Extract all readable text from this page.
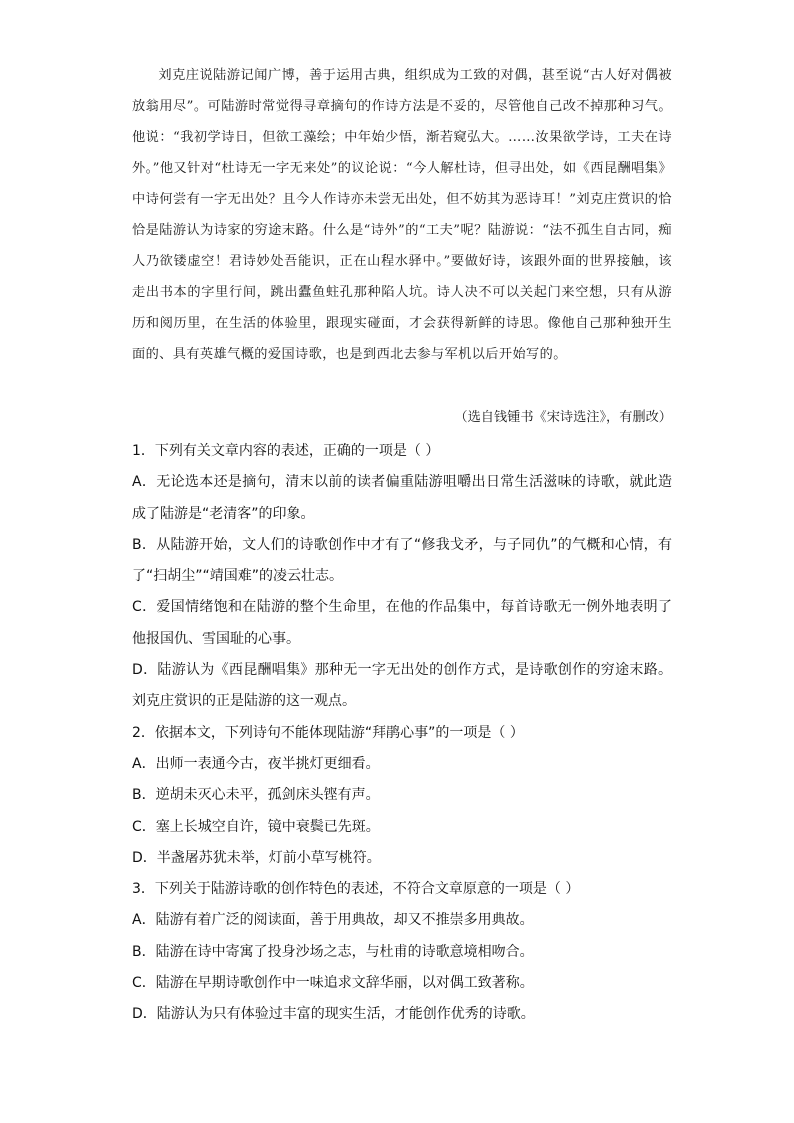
刘克庄说陆游记闻广博，善于运用古典，组织成为工致的对偶，甚至说“古人好对偶被放翁用尽”。可陆游时常觉得寻章摘句的作诗方法是不妥的，尽管他自己改不掉那种习气。他说：“我初学诗日，但欲工藻绘；中年始少悟，渐若窥弘大。……汝果欲学诗，工夫在诗外。”他又针对“杜诗无一字无来处”的议论说：“今人解杜诗，但寻出处，如《西昆酬唱集》中诗何尝有一字无出处？且今人作诗亦未尝无出处，但不妨其为恶诗耳！”刘克庄赏识的恰恰是陆游认为诗家的穷途末路。什么是“诗外”的“工夫”呢？陆游说：“法不孤生自古同，痴人乃欲镂虚空！君诗妙处吾能识，正在山程水驿中。”要做好诗，该跟外面的世界接触，该走出书本的字里行间，跳出蠹鱼蛀孔那种陷人坑。诗人决不可以关起门来空想，只有从游历和阅历里，在生活的体验里，跟现实碰面，才会获得新鲜的诗思。像他自己那种独开生面的、具有英雄气概的爱国诗歌，也是到西北去参与军机以后开始写的。

（选自钱锺书《宋诗选注》，有删改）

1．下列有关文章内容的表述，正确的一项是（ ）

A．无论选本还是摘句，清末以前的读者偏重陆游咀嚼出日常生活滋味的诗歌，就此造成了陆游是“老清客”的印象。

B．从陆游开始，文人们的诗歌创作中才有了“修我戈矛，与子同仇”的气概和心情，有了“扫胡尘”“靖国难”的凌云壮志。

C．爱国情绪饱和在陆游的整个生命里，在他的作品集中，每首诗歌无一例外地表明了他报国仇、雪国耻的心事。

D．陆游认为《西昆酬唱集》那种无一字无出处的创作方式，是诗歌创作的穷途末路。刘克庄赏识的正是陆游的这一观点。

2．依据本文，下列诗句不能体现陆游“拜鹃心事”的一项是（ ）

A．出师一表通今古，夜半挑灯更细看。

B．逆胡未灭心未平，孤剑床头铿有声。

C．塞上长城空自许，镜中衰鬓已先斑。

D．半盏屠苏犹未举，灯前小草写桃符。

3．下列关于陆游诗歌的创作特色的表述，不符合文章原意的一项是（ ）

A．陆游有着广泛的阅读面，善于用典故，却又不推崇多用典故。

B．陆游在诗中寄寓了投身沙场之志，与杜甫的诗歌意境相吻合。

C．陆游在早期诗歌创作中一味追求文辞华丽，以对偶工致著称。

D．陆游认为只有体验过丰富的现实生活，才能创作优秀的诗歌。
